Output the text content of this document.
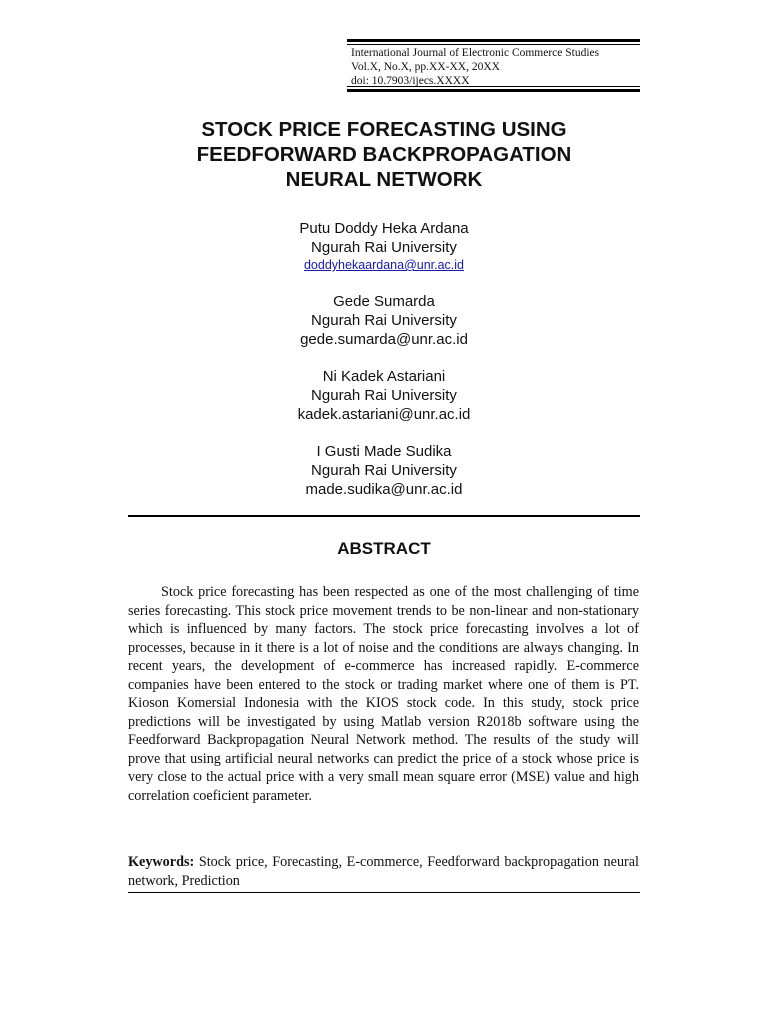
International Journal of Electronic Commerce Studies
Vol.X, No.X, pp.XX-XX, 20XX
doi: 10.7903/ijecs.XXXX
STOCK PRICE FORECASTING USING
FEEDFORWARD BACKPROPAGATION
NEURAL NETWORK
Putu Doddy Heka Ardana
Ngurah Rai University
doddyhekaardana@unr.ac.id
Gede Sumarda
Ngurah Rai University
gede.sumarda@unr.ac.id
Ni Kadek Astariani
Ngurah Rai University
kadek.astariani@unr.ac.id
I Gusti Made Sudika
Ngurah Rai University
made.sudika@unr.ac.id
ABSTRACT

Stock price forecasting has been respected as one of the most challenging of time series forecasting. This stock price movement trends to be non-linear and non-stationary which is influenced by many factors. The stock price forecasting involves a lot of processes, because in it there is a lot of noise and the conditions are always changing. In recent years, the development of e-commerce has increased rapidly. E-commerce companies have been entered to the stock or trading market where one of them is PT. Kioson Komersial Indonesia with the KIOS stock code. In this study, stock price predictions will be investigated by using Matlab version R2018b software using the Feedforward Backpropagation Neural Network method. The results of the study will prove that using artificial neural networks can predict the price of a stock whose price is very close to the actual price with a very small mean square error (MSE) value and high correlation coeficient parameter.

Keywords: Stock price, Forecasting, E-commerce, Feedforward backpropagation neural network, Prediction
